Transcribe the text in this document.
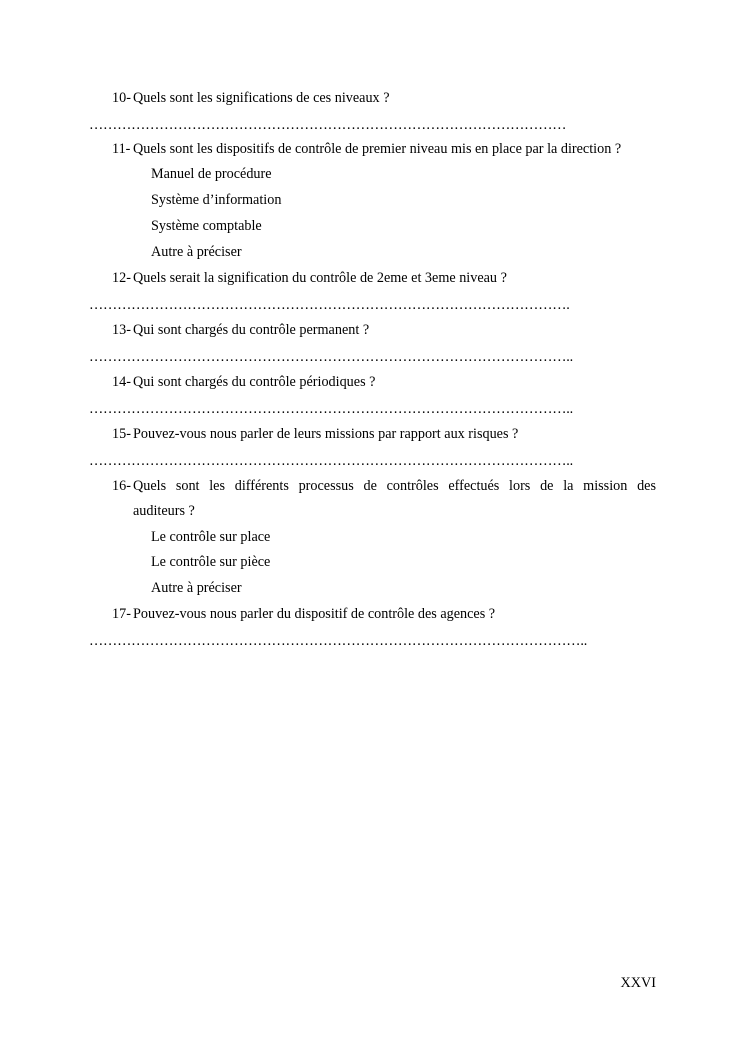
10- Quels sont les significations de ces niveaux ?
…………………………………………………………………………………………
11- Quels sont les dispositifs de contrôle de premier niveau mis en place par la direction ?
Manuel de procédure
Système d’information
Système comptable
Autre à préciser
12- Quels serait la signification du contrôle de 2eme et 3eme niveau ?
………………………………………………………………………………………….
13- Qui sont chargés du contrôle permanent ?
…………………………………………………………………………………………..
14- Qui sont chargés du contrôle périodiques ?
…………………………………………………………………………………………..
15- Pouvez-vous nous parler de leurs missions par rapport aux risques ?
…………………………………………………………………………………………..
16- Quels sont les différents processus de contrôles effectués lors de la mission des
auditeurs ?
Le contrôle sur place
Le contrôle sur pièce
Autre à préciser
17- Pouvez-vous nous parler du dispositif de contrôle des agences ?
……………………………………………………………………………………………..
XXVI
